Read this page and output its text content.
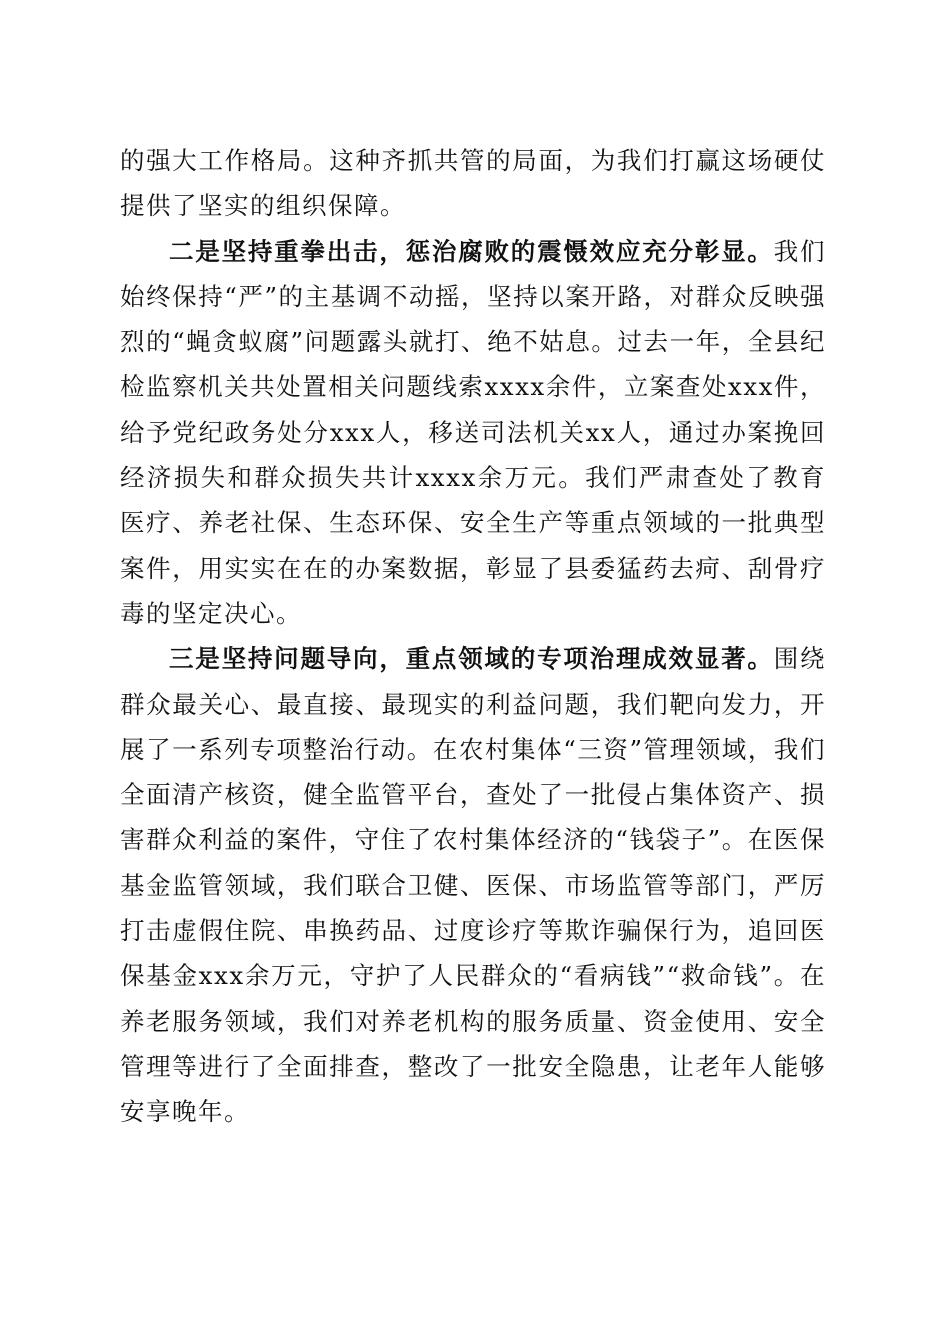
的强大工作格局。这种齐抓共管的局面，为我们打赢这场硬仗提供了坚实的组织保障。

二是坚持重拳出击，惩治腐败的震慑效应充分彰显。我们始终保持“严”的主基调不动摇，坚持以案开路，对群众反映强烈的“蝇贪蚁腐”问题露头就打、绝不姑息。过去一年，全县纪检监察机关共处置相关问题线索xxxx余件，立案查处xxx件，给予党纪政务处分xxx人，移送司法机关xx人，通过办案挽回经济损失和群众损失共计xxxx余万元。我们严肃查处了教育医疗、养老社保、生态环保、安全生产等重点领域的一批典型案件，用实实在在的办案数据，彰显了县委猛药去疴、刮骨疗毒的坚定决心。

三是坚持问题导向，重点领域的专项治理成效显著。围绕群众最关心、最直接、最现实的利益问题，我们靶向发力，开展了一系列专项整治行动。在农村集体“三资”管理领域，我们全面清产核资，健全监管平台，查处了一批侵占集体资产、损害群众利益的案件，守住了农村集体经济的“钱袋子”。在医保基金监管领域，我们联合卫健、医保、市场监管等部门，严厉打击虚假住院、串换药品、过度诊疗等欺诈骗保行为，追回医保基金xxx余万元，守护了人民群众的“看病钱”“救命钱”。在养老服务领域，我们对养老机构的服务质量、资金使用、安全管理等进行了全面排查，整改了一批安全隐患，让老年人能够安享晚年。
